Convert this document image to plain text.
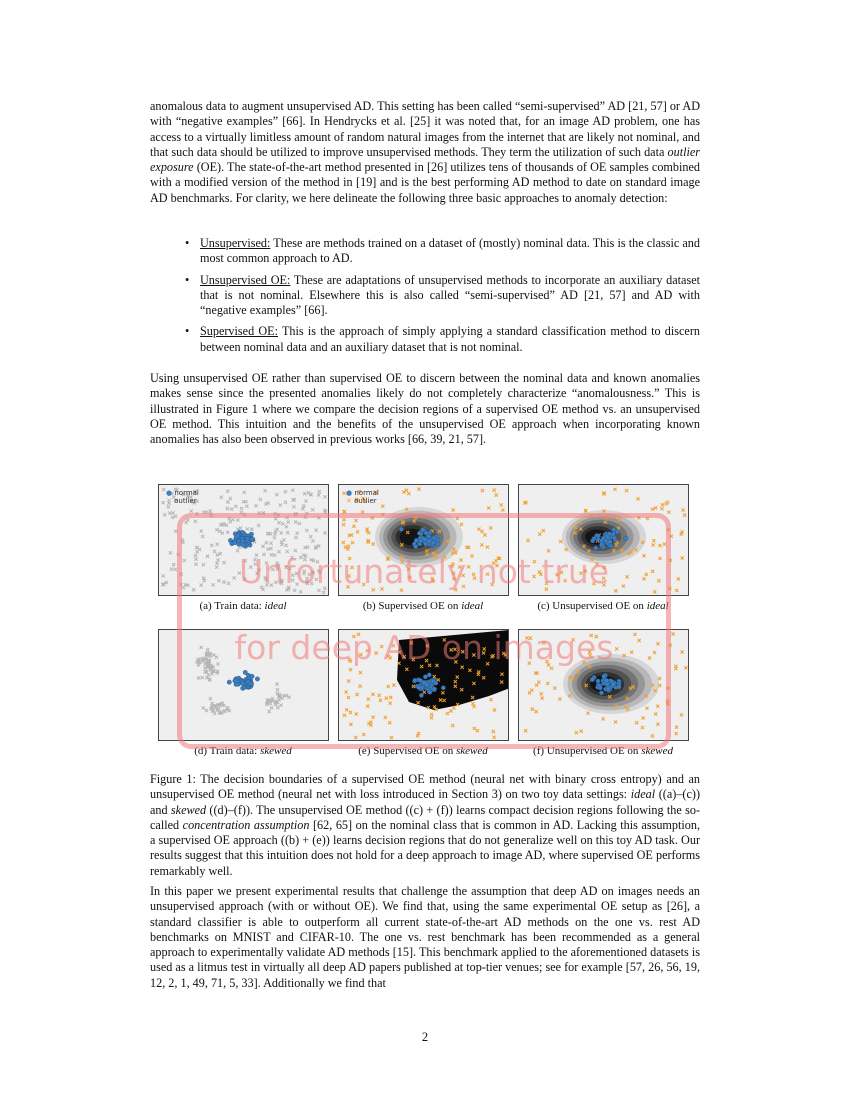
anomalous data to augment unsupervised AD. This setting has been called “semi-supervised” AD [21, 57] or AD with “negative examples” [66]. In Hendrycks et al. [25] it was noted that, for an image AD problem, one has access to a virtually limitless amount of random natural images from the internet that are likely not nominal, and that such data should be utilized to improve unsupervised methods. They term the utilization of such data outlier exposure (OE). The state-of-the-art method presented in [26] utilizes tens of thousands of OE samples combined with a modified version of the method in [19] and is the best performing AD method to date on standard image AD benchmarks. For clarity, we here delineate the following three basic approaches to anomaly detection:
• Unsupervised: These are methods trained on a dataset of (mostly) nominal data. This is the classic and most common approach to AD.
• Unsupervised OE: These are adaptations of unsupervised methods to incorporate an auxiliary dataset that is not nominal. Elsewhere this is also called “semi-supervised” AD [21, 57] and AD with “negative examples” [66].
• Supervised OE: This is the approach of simply applying a standard classification method to discern between nominal data and an auxiliary dataset that is not nominal.
Using unsupervised OE rather than supervised OE to discern between the nominal data and known anomalies makes sense since the presented anomalies likely do not completely characterize “anomalousness.” This is illustrated in Figure 1 where we compare the decision regions of a supervised OE method vs. an unsupervised OE method. This intuition and the benefits of the unsupervised OE approach when incorporating known anomalies has also been observed in previous works [66, 39, 21, 57].
● normal
✕ outlier
● normal
✕ outlier
(a) Train data: ideal	(b) Supervised OE on ideal	(c) Unsupervised OE on ideal
(d) Train data: skewed	(e) Supervised OE on skewed	(f) Unsupervised OE on skewed
Unfortunately not true
for deep AD on images
Figure 1: The decision boundaries of a supervised OE method (neural net with binary cross entropy) and an unsupervised OE method (neural net with loss introduced in Section 3) on two toy data settings: ideal ((a)–(c)) and skewed ((d)–(f)). The unsupervised OE method ((c) + (f)) learns compact decision regions following the so-called concentration assumption [62, 65] on the nominal class that is common in AD. Lacking this assumption, a supervised OE approach ((b) + (e)) learns decision regions that do not generalize well on this toy AD task. Our results suggest that this intuition does not hold for a deep approach to image AD, where supervised OE performs remarkably well.
In this paper we present experimental results that challenge the assumption that deep AD on images needs an unsupervised approach (with or without OE). We find that, using the same experimental OE setup as [26], a standard classifier is able to outperform all current state-of-the-art AD methods on the one vs. rest AD benchmarks on MNIST and CIFAR-10. The one vs. rest benchmark has been recommended as a general approach to experimentally validate AD methods [15]. This benchmark applied to the aforementioned datasets is used as a litmus test in virtually all deep AD papers published at top-tier venues; see for example [57, 26, 56, 19, 12, 2, 1, 49, 71, 5, 33]. Additionally we find that
2
